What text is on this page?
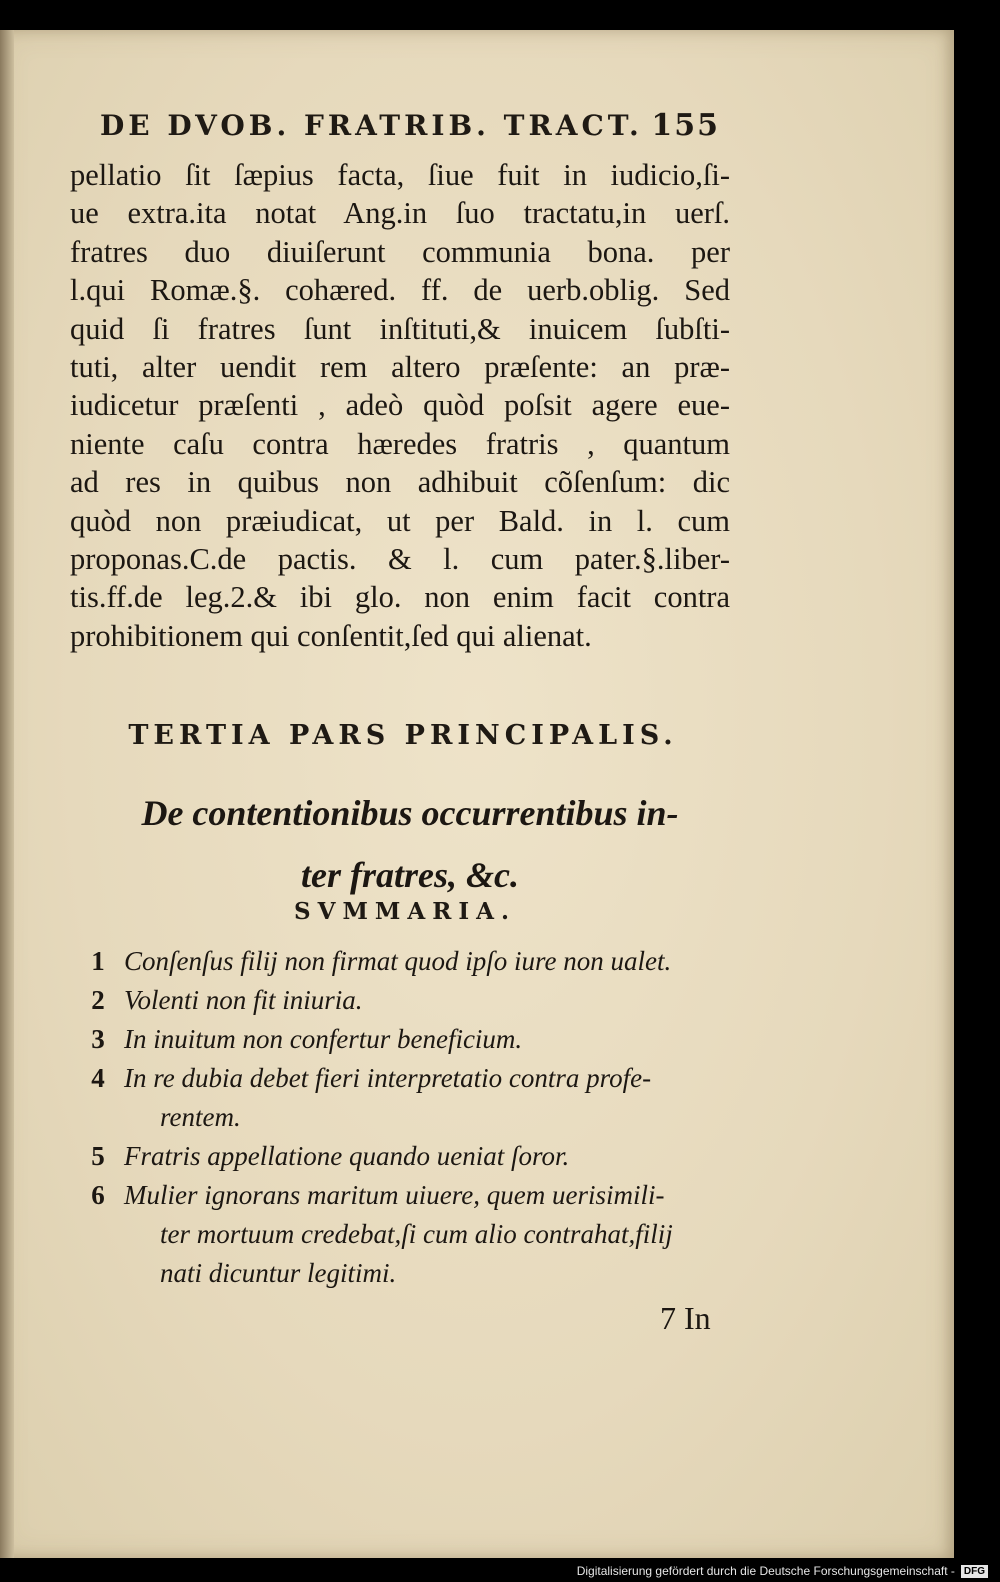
DE DVOB. FRATRIB. TRACT. 155
pellatio ſit ſæpius facta, ſiue fuit in iudicio,ſi-
ue extra.ita notat Ang.in ſuo tractatu,in uerſ.
fratres duo diuiſerunt communia bona. per
l.qui Romæ.§. cohæred. ff. de uerb.oblig. Sed
quid ſi fratres ſunt inſtituti,& inuicem ſubſti-
tuti, alter uendit rem altero præſente: an præ-
iudicetur præſenti , adeò quòd poſsit agere eue-
niente caſu contra hæredes fratris , quantum
ad res in quibus non adhibuit cõſenſum: dic
quòd non præiudicat, ut per Bald. in l. cum
proponas.C.de pactis. & l. cum pater.§.liber-
tis.ff.de leg.2.& ibi glo. non enim facit contra
prohibitionem qui conſentit,ſed qui alienat.
TERTIA PARS PRINCIPALIS.
De contentionibus occurrentibus in-
ter fratres, &c.
SVMMARIA.
1 Conſenſus filij non firmat quod ipſo iure non ualet.
2 Volenti non fit iniuria.
3 In inuitum non confertur beneficium.
4 In re dubia debet fieri interpretatio contra profe-
rentem.
5 Fratris appellatione quando ueniat ſoror.
6 Mulier ignorans maritum uiuere, quem uerisimili-
ter mortuum credebat,ſi cum alio contrahat,filij
nati dicuntur legitimi.
7 In
Digitalisierung gefördert durch die Deutsche Forschungsgemeinschaft - DFG
